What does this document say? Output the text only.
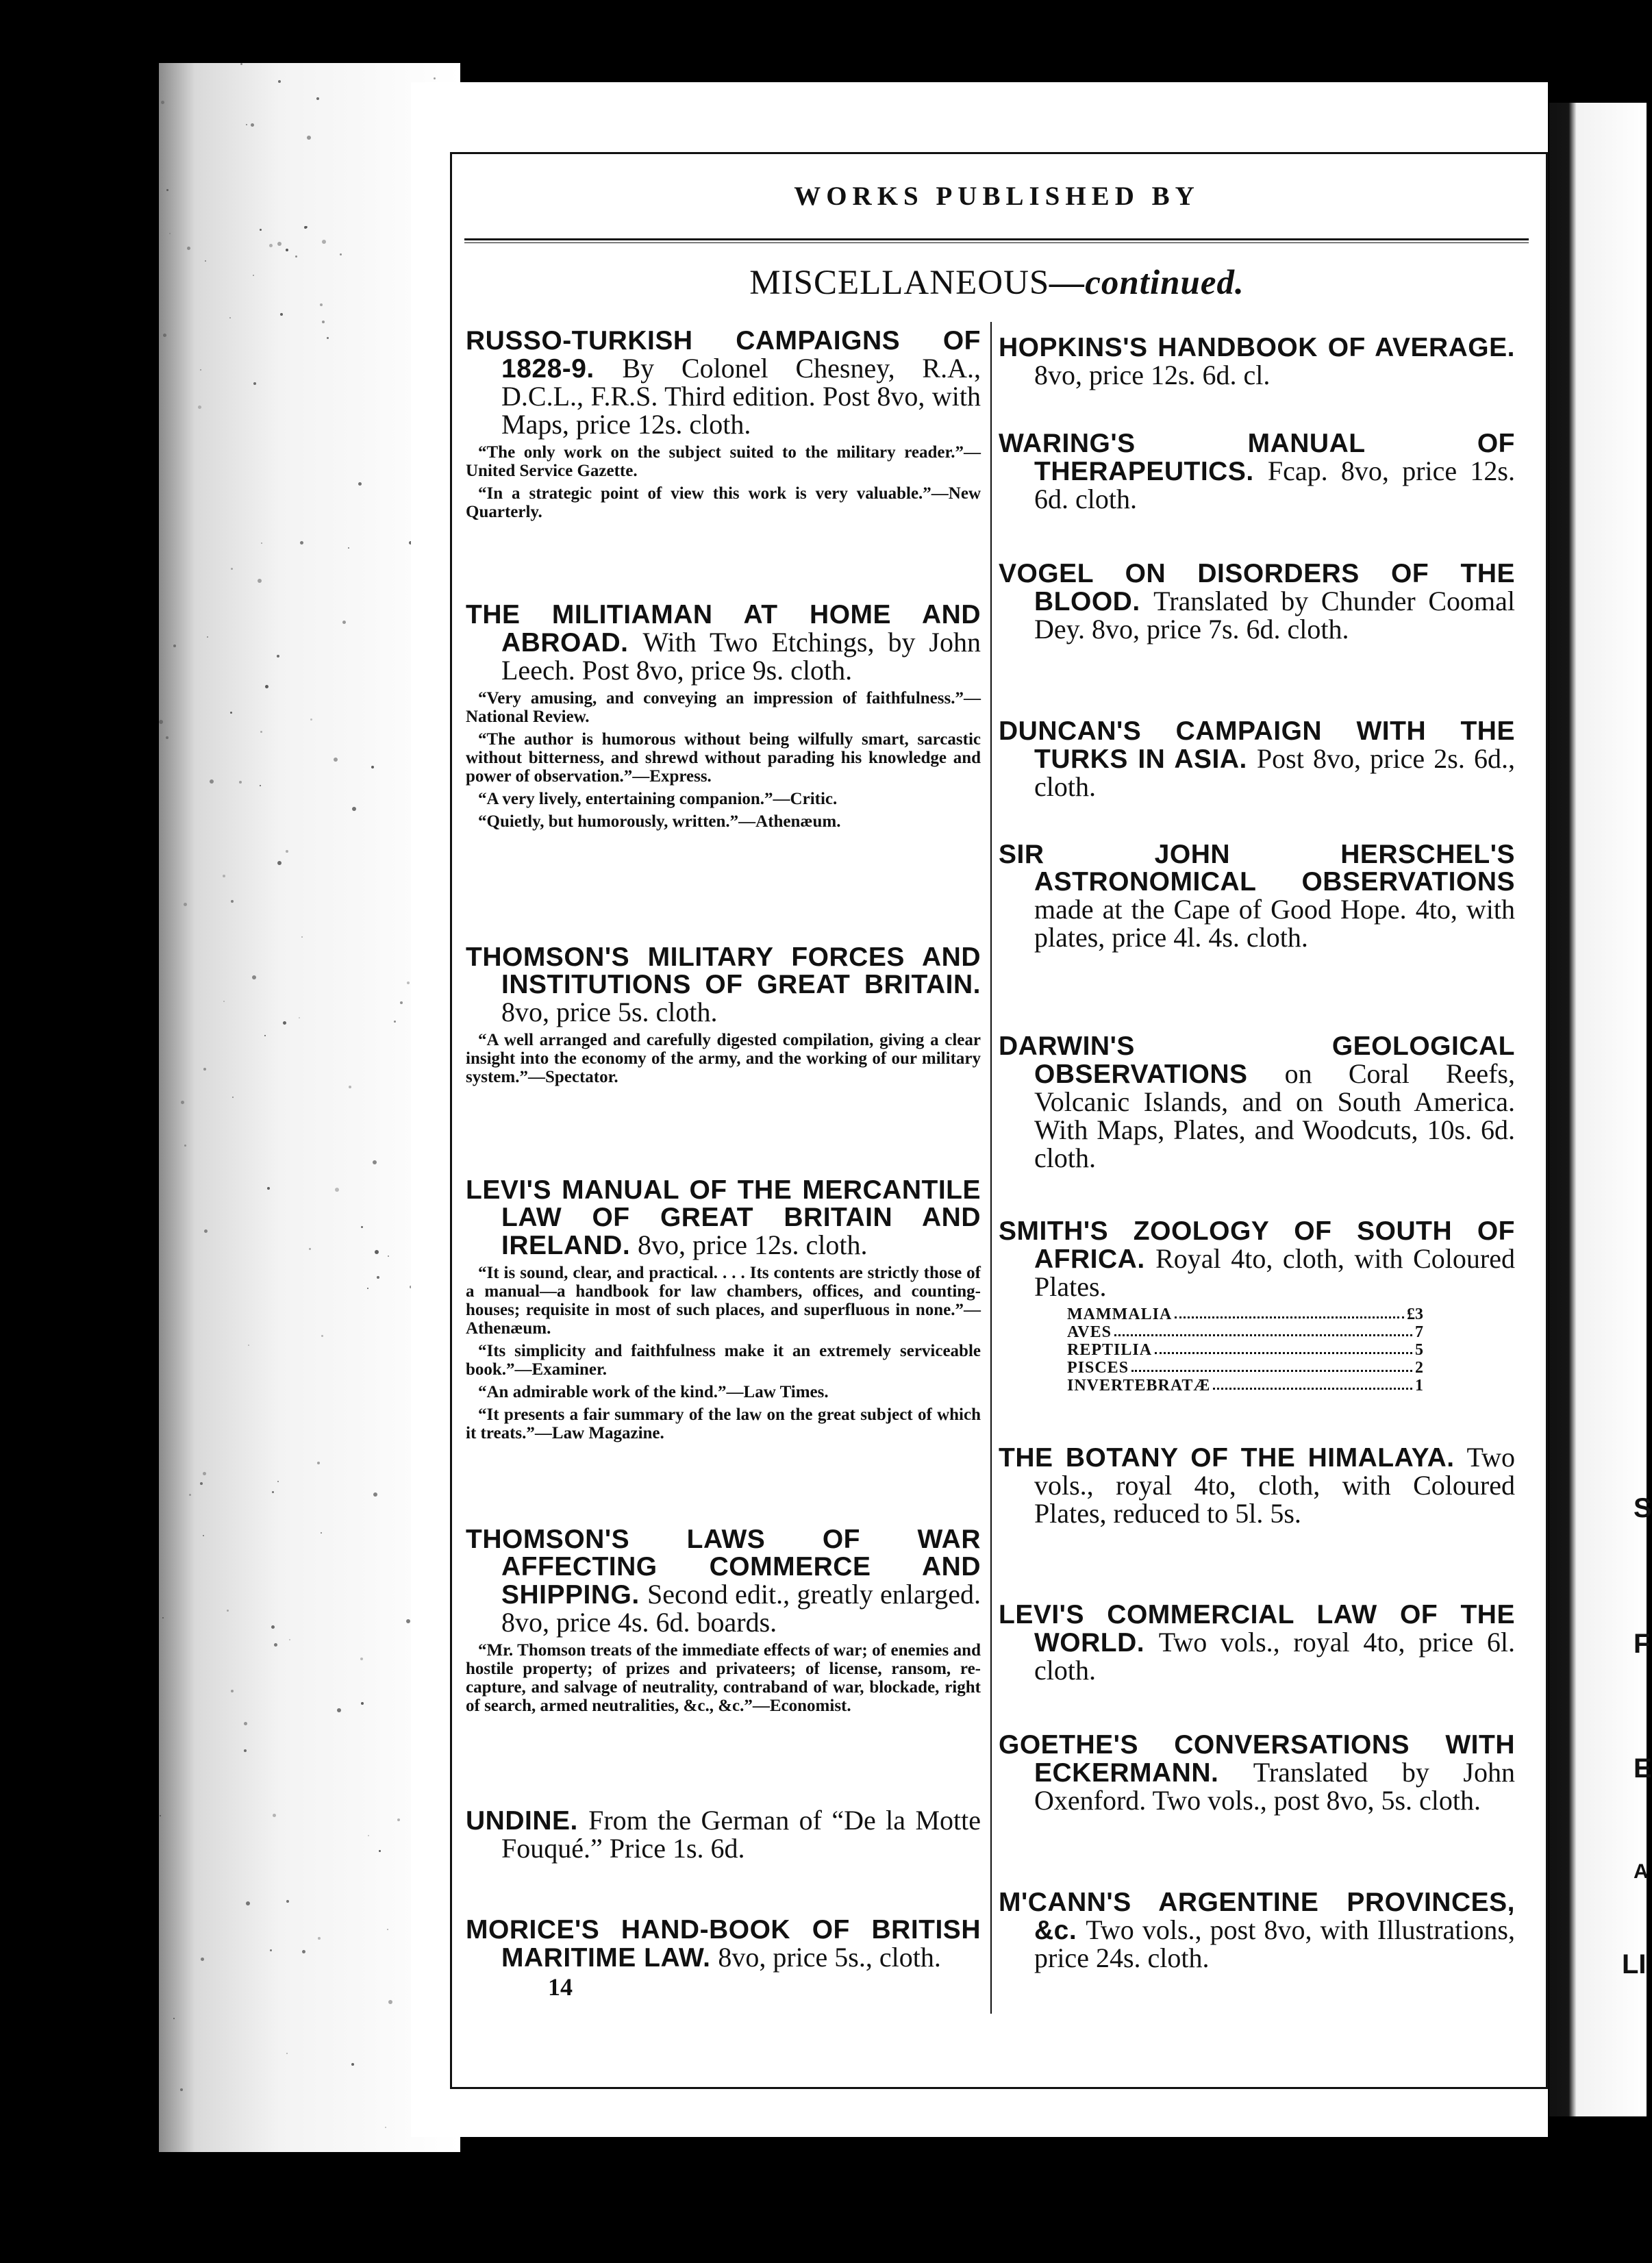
S
F
E
A
LI
WORKS PUBLISHED BY
MISCELLANEOUS—continued.
RUSSO-TURKISH CAMPAIGNS OF 1828-9. By Colonel Chesney, R.A., D.C.L., F.R.S. Third edition. Post 8vo, with Maps, price 12s. cloth.
“The only work on the subject suited to the military reader.”—United Service Gazette.
“In a strategic point of view this work is very valuable.”—New Quarterly.
THE MILITIAMAN AT HOME AND ABROAD. With Two Etchings, by John Leech. Post 8vo, price 9s. cloth.
“Very amusing, and conveying an impression of faithfulness.”—National Review.
“The author is humorous without being wilfully smart, sarcastic without bitterness, and shrewd without parading his knowledge and power of observation.”—Express.
“A very lively, entertaining companion.”—Critic.
“Quietly, but humorously, written.”—Athenæum.
THOMSON'S MILITARY FORCES AND INSTITUTIONS OF GREAT BRITAIN. 8vo, price 5s. cloth.
“A well arranged and carefully digested compilation, giving a clear insight into the economy of the army, and the working of our military system.”—Spectator.
LEVI'S MANUAL OF THE MERCANTILE LAW OF GREAT BRITAIN AND IRELAND. 8vo, price 12s. cloth.
“It is sound, clear, and practical. . . . Its contents are strictly those of a manual—a handbook for law chambers, offices, and counting-houses; requisite in most of such places, and superfluous in none.”—Athenæum.
“Its simplicity and faithfulness make it an extremely serviceable book.”—Examiner.
“An admirable work of the kind.”—Law Times.
“It presents a fair summary of the law on the great subject of which it treats.”—Law Magazine.
THOMSON'S LAWS OF WAR AFFECTING COMMERCE AND SHIPPING. Second edit., greatly enlarged. 8vo, price 4s. 6d. boards.
“Mr. Thomson treats of the immediate effects of war; of enemies and hostile property; of prizes and privateers; of license, ransom, re-capture, and salvage of neutrality, contraband of war, blockade, right of search, armed neutralities, &c., &c.”—Economist.
UNDINE. From the German of “De la Motte Fouqué.” Price 1s. 6d.
MORICE'S HAND-BOOK OF BRITISH MARITIME LAW. 8vo, price 5s., cloth.
HOPKINS'S HANDBOOK OF AVERAGE. 8vo, price 12s. 6d. cl.
WARING'S MANUAL OF THERAPEUTICS. Fcap. 8vo, price 12s. 6d. cloth.
VOGEL ON DISORDERS OF THE BLOOD. Translated by Chunder Coomal Dey. 8vo, price 7s. 6d. cloth.
DUNCAN'S CAMPAIGN WITH THE TURKS IN ASIA. Post 8vo, price 2s. 6d., cloth.
SIR JOHN HERSCHEL'S ASTRONOMICAL OBSERVATIONS made at the Cape of Good Hope. 4to, with plates, price 4l. 4s. cloth.
DARWIN'S GEOLOGICAL OBSERVATIONS on Coral Reefs, Volcanic Islands, and on South America. With Maps, Plates, and Woodcuts, 10s. 6d. cloth.
SMITH'S ZOOLOGY OF SOUTH OF AFRICA. Royal 4to, cloth, with Coloured Plates.
MAMMALIA	£3
AVES	7
REPTILIA	5
PISCES	2
INVERTEBRATÆ	1
THE BOTANY OF THE HIMALAYA. Two vols., royal 4to, cloth, with Coloured Plates, reduced to 5l. 5s.
LEVI'S COMMERCIAL LAW OF THE WORLD. Two vols., royal 4to, price 6l. cloth.
GOETHE'S CONVERSATIONS WITH ECKERMANN. Translated by John Oxenford. Two vols., post 8vo, 5s. cloth.
M'CANN'S ARGENTINE PROVINCES, &c. Two vols., post 8vo, with Illustrations, price 24s. cloth.
14
